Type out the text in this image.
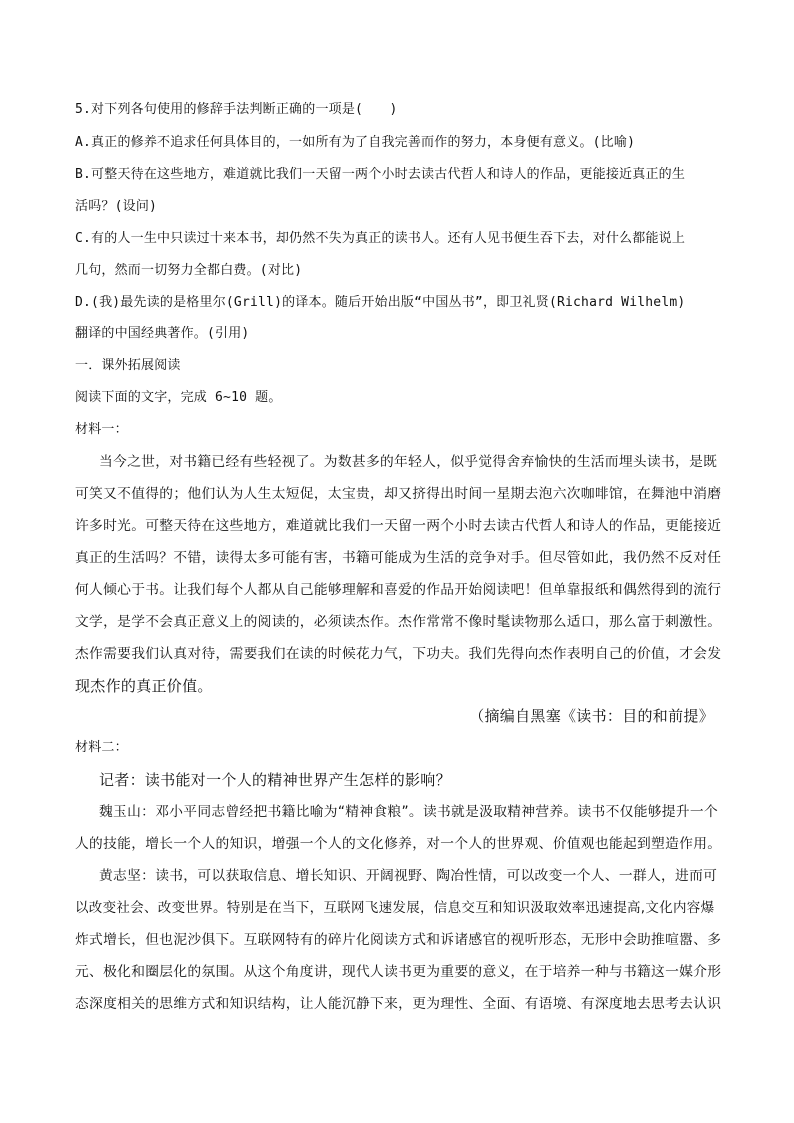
5.对下列各句使用的修辞手法判断正确的一项是(　　)
A.真正的修养不追求任何具体目的，一如所有为了自我完善而作的努力，本身便有意义。(比喻)
B.可整天待在这些地方，难道就比我们一天留一两个小时去读古代哲人和诗人的作品，更能接近真正的生
活吗？(设问)
C.有的人一生中只读过十来本书，却仍然不失为真正的读书人。还有人见书便生吞下去，对什么都能说上
几句，然而一切努力全都白费。(对比)
D.(我)最先读的是格里尔(Grill)的译本。随后开始出版“中国丛书”，即卫礼贤(Richard Wilhelm)
翻译的中国经典著作。(引用)
一．课外拓展阅读
阅读下面的文字，完成 6~10 题。
材料一：
当今之世，对书籍已经有些轻视了。为数甚多的年轻人，似乎觉得舍弃愉快的生活而埋头读书，是既
可笑又不值得的；他们认为人生太短促，太宝贵，却又挤得出时间一星期去泡六次咖啡馆，在舞池中消磨
许多时光。可整天待在这些地方，难道就比我们一天留一两个小时去读古代哲人和诗人的作品，更能接近
真正的生活吗？不错，读得太多可能有害，书籍可能成为生活的竞争对手。但尽管如此，我仍然不反对任
何人倾心于书。让我们每个人都从自己能够理解和喜爱的作品开始阅读吧！但单靠报纸和偶然得到的流行
文学，是学不会真正意义上的阅读的，必须读杰作。杰作常常不像时髦读物那么适口，那么富于刺激性。
杰作需要我们认真对待，需要我们在读的时候花力气，下功夫。我们先得向杰作表明自己的价值，才会发
现杰作的真正价值。
（摘编自黑塞《读书：目的和前提》
材料二：
记者：读书能对一个人的精神世界产生怎样的影响？
魏玉山：邓小平同志曾经把书籍比喻为“精神食粮”。读书就是汲取精神营养。读书不仅能够提升一个
人的技能，增长一个人的知识，增强一个人的文化修养，对一个人的世界观、价值观也能起到塑造作用。
黄志坚：读书，可以获取信息、增长知识、开阔视野、陶冶性情，可以改变一个人、一群人，进而可
以改变社会、改变世界。特别是在当下，互联网飞速发展，信息交互和知识汲取效率迅速提高,文化内容爆
炸式增长，但也泥沙俱下。互联网特有的碎片化阅读方式和诉诸感官的视听形态，无形中会助推喧嚣、多
元、极化和圈层化的氛围。从这个角度讲，现代人读书更为重要的意义，在于培养一种与书籍这一媒介形
态深度相关的思维方式和知识结构，让人能沉静下来，更为理性、全面、有语境、有深度地去思考去认识
